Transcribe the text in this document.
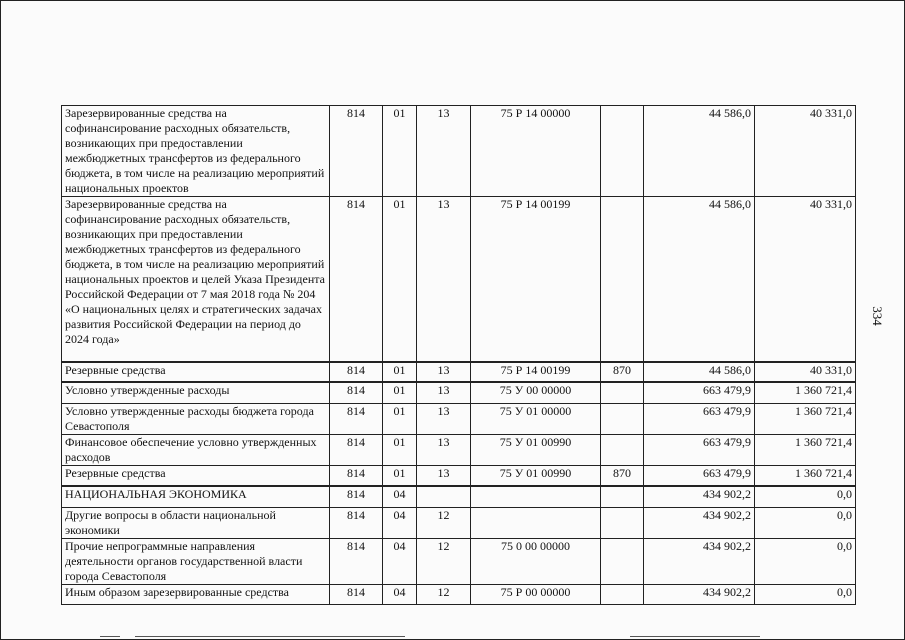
334
Зарезервированные средства на софинансирование расходных обязательств, возникающих при предоставлении межбюджетных трансфертов из федерального бюджета, в том числе на реализацию мероприятий национальных проектов	814	01	13	75 Р 14 00000		44 586,0	40 331,0
Зарезервированные средства на софинансирование расходных обязательств, возникающих при предоставлении межбюджетных трансфертов из федерального бюджета, в том числе на реализацию мероприятий национальных проектов и целей Указа Президента Российской Федерации от 7 мая 2018 года № 204 «О национальных целях и стратегических задачах развития Российской Федерации на период до 2024 года»	814	01	13	75 Р 14 00199		44 586,0	40 331,0
Резервные средства	814	01	13	75 Р 14 00199	870	44 586,0	40 331,0
Условно утвержденные расходы	814	01	13	75 У 00 00000		663 479,9	1 360 721,4
Условно утвержденные расходы бюджета города Севастополя	814	01	13	75 У 01 00000		663 479,9	1 360 721,4
Финансовое обеспечение условно утвержденных расходов	814	01	13	75 У 01 00990		663 479,9	1 360 721,4
Резервные средства	814	01	13	75 У 01 00990	870	663 479,9	1 360 721,4
НАЦИОНАЛЬНАЯ ЭКОНОМИКА	814	04				434 902,2	0,0
Другие вопросы в области национальной экономики	814	04	12			434 902,2	0,0
Прочие непрограммные направления деятельности органов государственной власти города Севастополя	814	04	12	75 0 00 00000		434 902,2	0,0
Иным образом зарезервированные средства	814	04	12	75 Р 00 00000		434 902,2	0,0
